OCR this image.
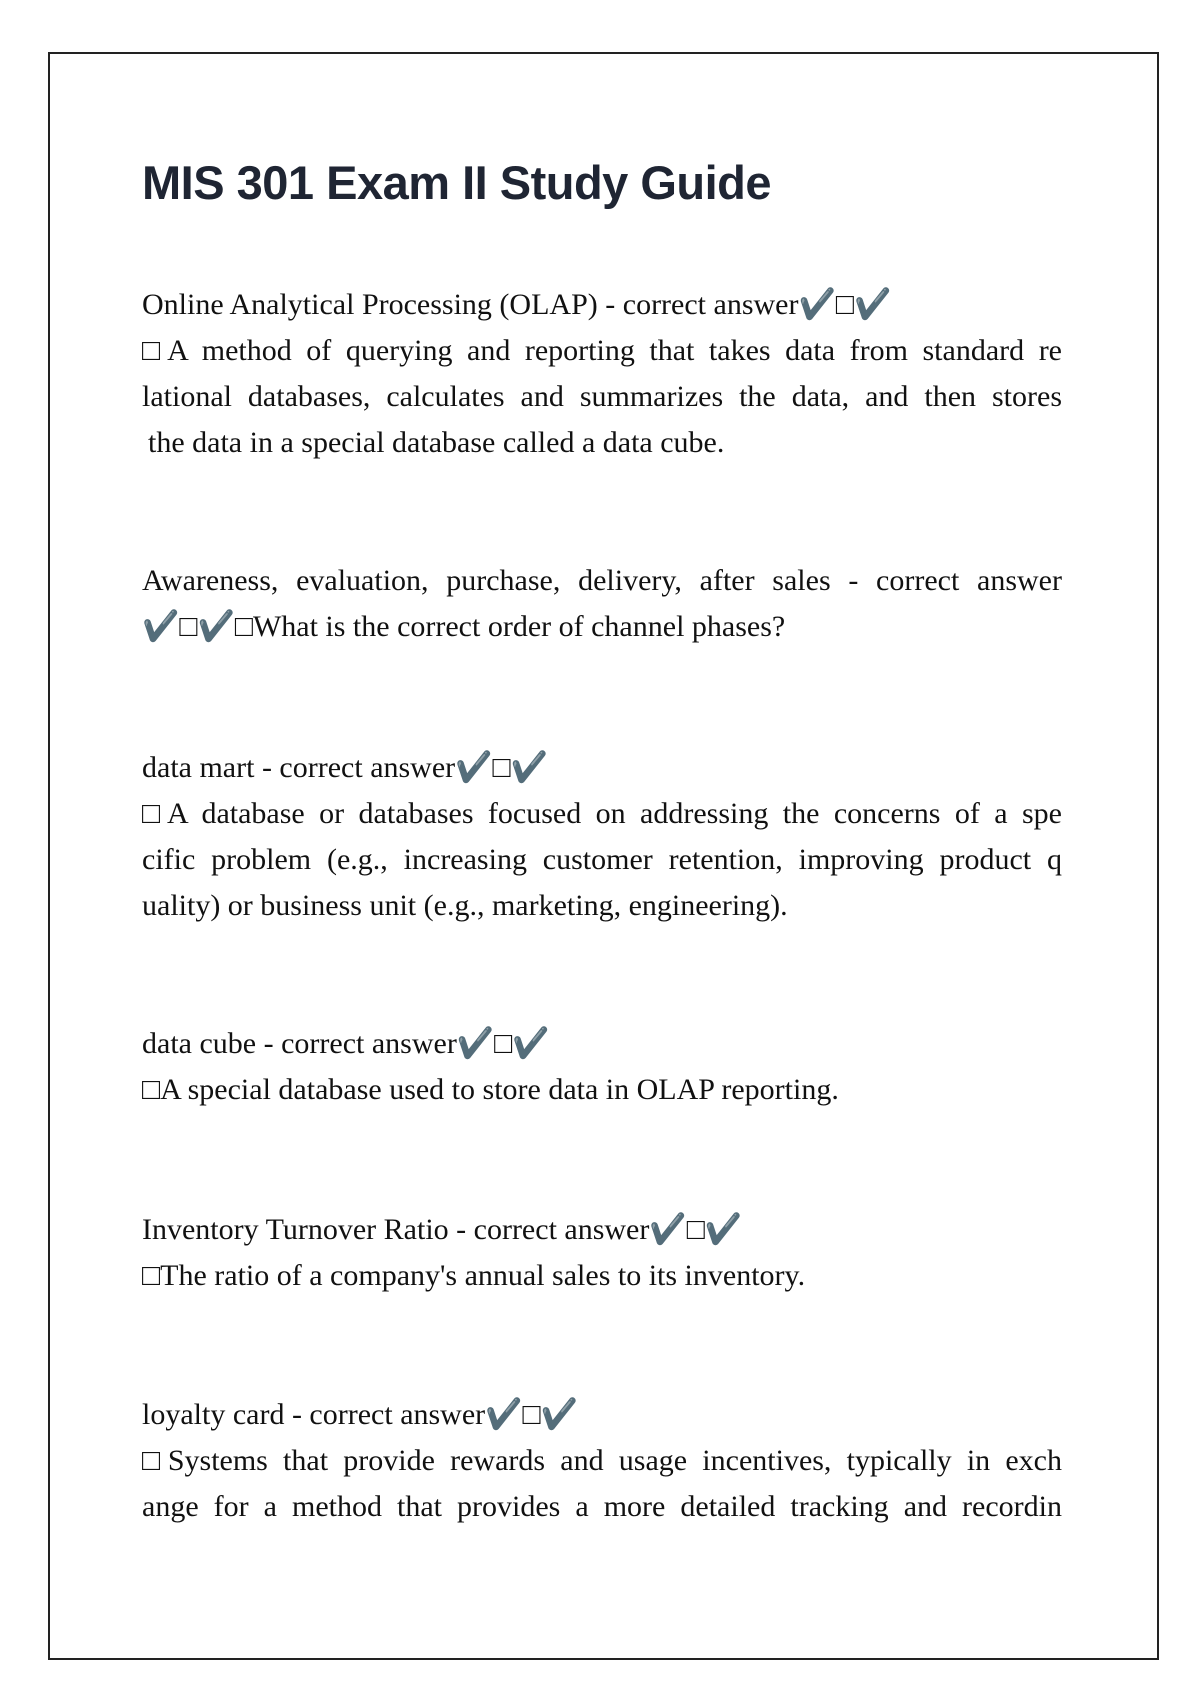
MIS 301 Exam II Study Guide
Online Analytical Processing (OLAP) - correct answer✔️□✔️
□A method of querying and reporting that takes data from standard re
lational databases, calculates and summarizes the data, and then stores
the data in a special database called a data cube.
Awareness, evaluation, purchase, delivery, after sales - correct answer
✔️□✔️□What is the correct order of channel phases?
data mart - correct answer✔️□✔️
□A database or databases focused on addressing the concerns of a spe
cific problem (e.g., increasing customer retention, improving product q
uality) or business unit (e.g., marketing, engineering).
data cube - correct answer✔️□✔️
□A special database used to store data in OLAP reporting.
Inventory Turnover Ratio - correct answer✔️□✔️
□The ratio of a company's annual sales to its inventory.
loyalty card - correct answer✔️□✔️
□Systems that provide rewards and usage incentives, typically in exch
ange for a method that provides a more detailed tracking and recordin
